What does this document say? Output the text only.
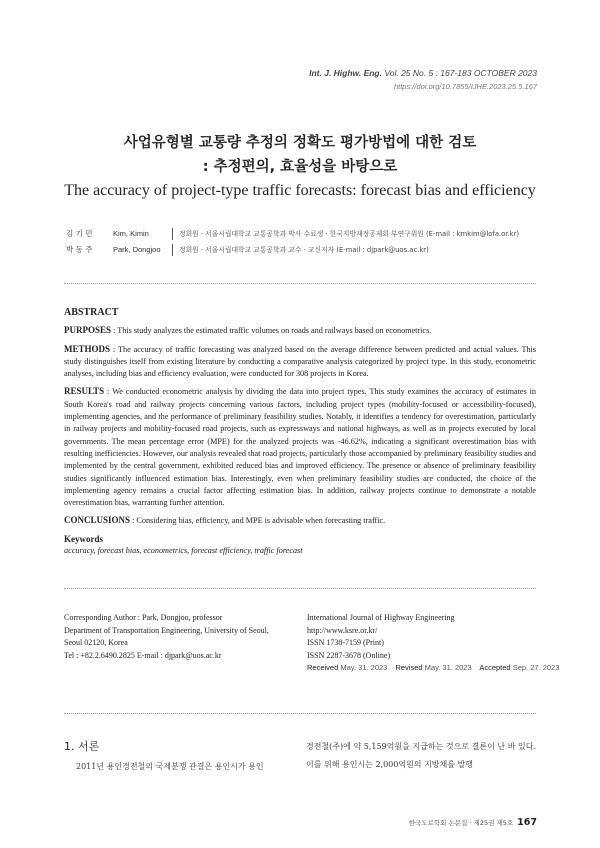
Int. J. Highw. Eng. Vol. 25 No. 5 : 167-183 OCTOBER 2023
https://doi.org/10.7855/IJHE.2023.25.5.167
사업유형별 교통량 추정의 정확도 평가방법에 대한 검토
: 추정편의, 효율성을 바탕으로
The accuracy of project-type traffic forecasts: forecast bias and efficiency
김 기 민	Kim, Kimin	정회원 · 서울시립대학교 교통공학과 박사 수료생 · 한국지방재정공제회 부연구위원 (E-mail : kmkim@lofa.or.kr)
박 동 주	Park, Dongjoo	정회원 · 서울시립대학교 교통공학과 교수 · 교신저자 (E-mail : djpark@uos.ac.kr)
ABSTRACT

PURPOSES : This study analyzes the estimated traffic volumes on roads and railways based on econometrics.

METHODS : The accuracy of traffic forecasting was analyzed based on the average difference between predicted and actual values. This study distinguishes itself from existing literature by conducting a comparative analysis categorized by project type. In this study, econometric analyses, including bias and efficiency evaluation, were conducted for 308 projects in Korea.

RESULTS : We conducted econometric analysis by dividing the data into project types. This study examines the accuracy of estimates in South Korea's road and railway projects concerning various factors, including project types (mobility-focused or accessibility-focused), implementing agencies, and the performance of preliminary feasibility studies. Notably, it identifies a tendency for overestimation, particularly in railway projects and mobility-focused road projects, such as expressways and national highways, as well as in projects executed by local governments. The mean percentage error (MPE) for the analyzed projects was -46.62%, indicating a significant overestimation bias with resulting inefficiencies. However, our analysis revealed that road projects, particularly those accompanied by preliminary feasibility studies and implemented by the central government, exhibited reduced bias and improved efficiency. The presence or absence of preliminary feasibility studies significantly influenced estimation bias. Interestingly, even when preliminary feasibility studies are conducted, the choice of the implementing agency remains a crucial factor affecting estimation bias. In addition, railway projects continue to demonstrate a notable overestimation bias, warranting further attention.

CONCLUSIONS : Considering bias, efficiency, and MPE is advisable when forecasting traffic.

Keywords
accuracy, forecast bias, econometrics, forecast efficiency, traffic forecast
Corresponding Author : Park, Dongjoo, professor
Department of Transportation Engineering, University of Seoul,
Seoul 02120, Korea
Tel : +82.2.6490.2825 E-mail : djpark@uos.ac.kr
International Journal of Highway Engineering
http://www.ksre.or.kr/
ISSN 1738-7159 (Print)
ISSN 2287-3678 (Online)
Received May. 31. 2023 Revised May. 31. 2023 Accepted Sep. 27. 2023
1. 서론
2011년 용인경전철의 국제분쟁 관결은 용인시가 용인
경전철(주)에 약 5,159억원을 지급하는 것으로 결론이 난 바 있다. 이를 위해 용인시는 2,000억원의 지방채를 발행
한국도로학회 논문집 · 제25권 제5호 167
